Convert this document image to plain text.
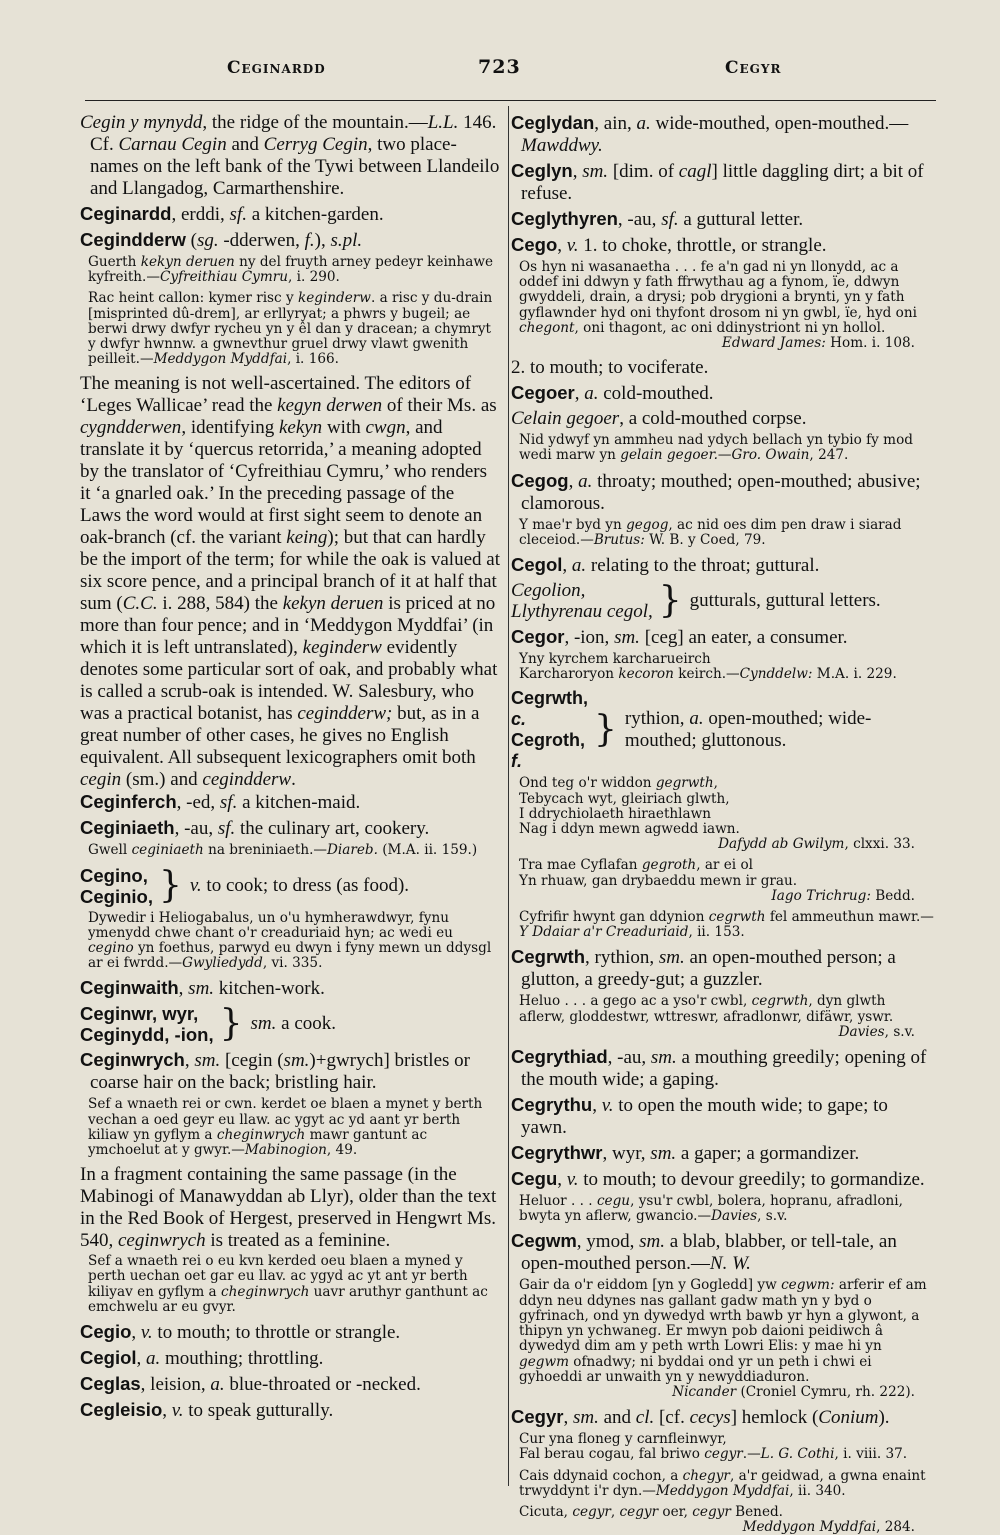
Ceginardd	723	Cegyr

Cegin y mynydd, the ridge of the mountain.—L.L. 146. Cf. Carnau Cegin and Cerryg Cegin, two place-names on the left bank of the Tywi between Llandeilo and Llangadog, Carmarthenshire.

Ceginardd, erddi, sf. a kitchen-garden.

Cegindderw (sg. -dderwen, f.), s.pl.

Guerth kekyn deruen ny del fruyth arney pedeyr keinhawe kyfreith.—Cyfreithiau Cymru, i. 290.

Rac heint callon: kymer risc y keginderw. a risc y du-drain [misprinted dû-drem], ar erllyryat; a phwrs y bugeil; ae berwi drwy dwfyr rycheu yn y êl dan y dracean; a chymryt y dwfyr hwnnw. a gwnevthur gruel drwy vlawt gwenith peilleit.—Meddygon Myddfai, i. 166.

The meaning is not well-ascertained. The editors of ‘Leges Wallicae’ read the kegyn derwen of their Ms. as cygndderwen, identifying kekyn with cwgn, and translate it by ‘quercus retorrida,’ a meaning adopted by the translator of ‘Cyfreithiau Cymru,’ who renders it ‘a gnarled oak.’ In the preceding passage of the Laws the word would at first sight seem to denote an oak-branch (cf. the variant keing); but that can hardly be the import of the term; for while the oak is valued at six score pence, and a principal branch of it at half that sum (C.C. i. 288, 584) the kekyn deruen is priced at no more than four pence; and in ‘Meddygon Myddfai’ (in which it is left untranslated), keginderw evidently denotes some particular sort of oak, and probably what is called a scrub-oak is intended. W. Salesbury, who was a practical botanist, has cegindderw; but, as in a great number of other cases, he gives no English equivalent. All subsequent lexicographers omit both cegin (sm.) and cegindderw.

Ceginferch, -ed, sf. a kitchen-maid.

Ceginiaeth, -au, sf. the culinary art, cookery.

Gwell ceginiaeth na breniniaeth.—Diareb. (M.A. ii. 159.)

Cegino,
Ceginio, } v. to cook; to dress (as food).

Dywedir i Heliogabalus, un o'u hymherawdwyr, fynu ymenydd chwe chant o'r creaduriaid hyn; ac wedi eu cegino yn foethus, parwyd eu dwyn i fyny mewn un ddysgl ar ei fwrdd.—Gwyliedydd, vi. 335.

Ceginwaith, sm. kitchen-work.

Ceginwr, wyr,
Ceginydd, -ion, } sm. a cook.

Ceginwrych, sm. [cegin (sm.)+gwrych] bristles or coarse hair on the back; bristling hair.

Sef a wnaeth rei or cwn. kerdet oe blaen a mynet y berth vechan a oed geyr eu llaw. ac ygyt ac yd aant yr berth kiliaw yn gyflym a cheginwrych mawr gantunt ac ymchoelut at y gwyr.—Mabinogion, 49.

In a fragment containing the same passage (in the Mabinogi of Manawyddan ab Llyr), older than the text in the Red Book of Hergest, preserved in Hengwrt Ms. 540, ceginwrych is treated as a feminine.

Sef a wnaeth rei o eu kvn kerded oeu blaen a myned y perth uechan oet gar eu llav. ac ygyd ac yt ant yr berth kiliyav en gyflym a cheginwrych uavr aruthyr ganthunt ac emchwelu ar eu gvyr.

Cegio, v. to mouth; to throttle or strangle.

Cegiol, a. mouthing; throttling.

Ceglas, leision, a. blue-throated or -necked.

Cegleisio, v. to speak gutturally.

Ceglydan, ain, a. wide-mouthed, open-mouthed.—Mawddwy.

Ceglyn, sm. [dim. of cagl] little daggling dirt; a bit of refuse.

Ceglythyren, -au, sf. a guttural letter.

Cego, v. 1. to choke, throttle, or strangle.

Os hyn ni wasanaetha . . . fe a'n gad ni yn llonydd, ac a oddef ini ddwyn y fath ffrwythau ag a fynom, ïe, ddwyn gwyddeli, drain, a drysi; pob drygioni a brynti, yn y fath gyflawnder hyd oni thyfont drosom ni yn gwbl, ïe, hyd oni chegont, oni thagont, ac oni ddinystriont ni yn hollol.
Edward James: Hom. i. 108.

2. to mouth; to vociferate.

Cegoer, a. cold-mouthed.

Celain gegoer, a cold-mouthed corpse.

Nid ydwyf yn ammheu nad ydych bellach yn tybio fy mod wedi marw yn gelain gegoer.—Gro. Owain, 247.

Cegog, a. throaty; mouthed; open-mouthed; abusive; clamorous.

Y mae'r byd yn gegog, ac nid oes dim pen draw i siarad cleceiod.—Brutus: W. B. y Coed, 79.

Cegol, a. relating to the throat; guttural.

Cegolion,
Llythyrenau cegol, } gutturals, guttural letters.

Cegor, -ion, sm. [ceg] an eater, a consumer.

Yny kyrchem karcharueirch
Karcharoryon kecoron keirch.—Cynddelw: M.A. i. 229.

Cegrwth, c.
Cegroth, f.
} rythion, a. open-mouthed; wide-mouthed; gluttonous.

Ond teg o'r widdon gegrwth,
Tebycach wyt, gleiriach glwth,
I ddrychiolaeth hiraethlawn
Nag i ddyn mewn agwedd iawn.
Dafydd ab Gwilym, clxxi. 33.

Tra mae Cyflafan gegroth, ar ei ol
Yn rhuaw, gan drybaeddu mewn ir grau.
Iago Trichrug: Bedd.

Cyfrifir hwynt gan ddynion cegrwth fel ammeuthun mawr.—Y Ddaiar a'r Creaduriaid, ii. 153.

Cegrwth, rythion, sm. an open-mouthed person; a glutton, a greedy-gut; a guzzler.

Heluo . . . a gego ac a yso'r cwbl, cegrwth, dyn glwth aflerw, gloddestwr, wttreswr, afradlonwr, difäwr, yswr.
Davies, s.v.

Cegrythiad, -au, sm. a mouthing greedily; opening of the mouth wide; a gaping.

Cegrythu, v. to open the mouth wide; to gape; to yawn.

Cegrythwr, wyr, sm. a gaper; a gormandizer.

Cegu, v. to mouth; to devour greedily; to gormandize.

Heluor . . . cegu, ysu'r cwbl, bolera, hopranu, afradloni, bwyta yn aflerw, gwancio.—Davies, s.v.

Cegwm, ymod, sm. a blab, blabber, or tell-tale, an open-mouthed person.—N. W.

Gair da o'r eiddom [yn y Gogledd] yw cegwm: arferir ef am ddyn neu ddynes nas gallant gadw math yn y byd o gyfrinach, ond yn dywedyd wrth bawb yr hyn a glywont, a thipyn yn ychwaneg. Er mwyn pob daioni peidiwch â dywedyd dim am y peth wrth Lowri Elis: y mae hi yn gegwm ofnadwy; ni byddai ond yr un peth i chwi ei gyhoeddi ar unwaith yn y newyddiaduron.
Nicander (Croniel Cymru, rh. 222).

Cegyr, sm. and cl. [cf. cecys] hemlock (Conium).

Cur yna floneg y carnfleinwyr,
Fal berau cogau, fal briwo cegyr.—L. G. Cothi, i. viii. 37.

Cais ddynaid cochon, a chegyr, a'r geidwad, a gwna enaint trwyddynt i'r dyn.—Meddygon Myddfai, ii. 340.

Cicuta, cegyr, cegyr oer, cegyr Bened.
Meddygon Myddfai, 284.
